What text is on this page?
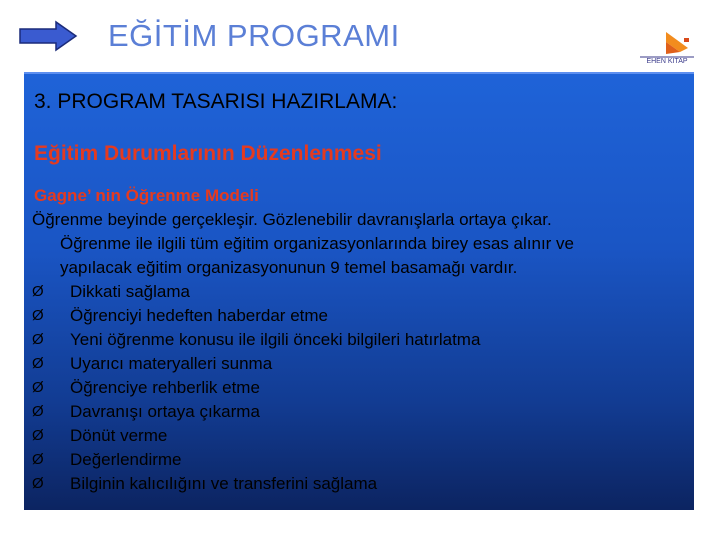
EĞİTİM PROGRAMI
EHEN KİTAP
3. PROGRAM TASARISI HAZIRLAMA:
Eğitim Durumlarının Düzenlenmesi
Gagne’ nin Öğrenme Modeli
Öğrenme beyinde gerçekleşir. Gözlenebilir davranışlarla ortaya çıkar.
Öğrenme ile ilgili tüm eğitim organizasyonlarında birey esas alınır ve
yapılacak eğitim organizasyonunun 9 temel basamağı vardır.
Ø	Dikkati sağlama
Ø	Öğrenciyi hedeften haberdar etme
Ø	Yeni öğrenme konusu ile ilgili önceki bilgileri hatırlatma
Ø	Uyarıcı materyalleri sunma
Ø	Öğrenciye rehberlik etme
Ø	Davranışı ortaya çıkarma
Ø	Dönüt verme
Ø	Değerlendirme
Ø	Bilginin kalıcılığını ve transferini sağlama
